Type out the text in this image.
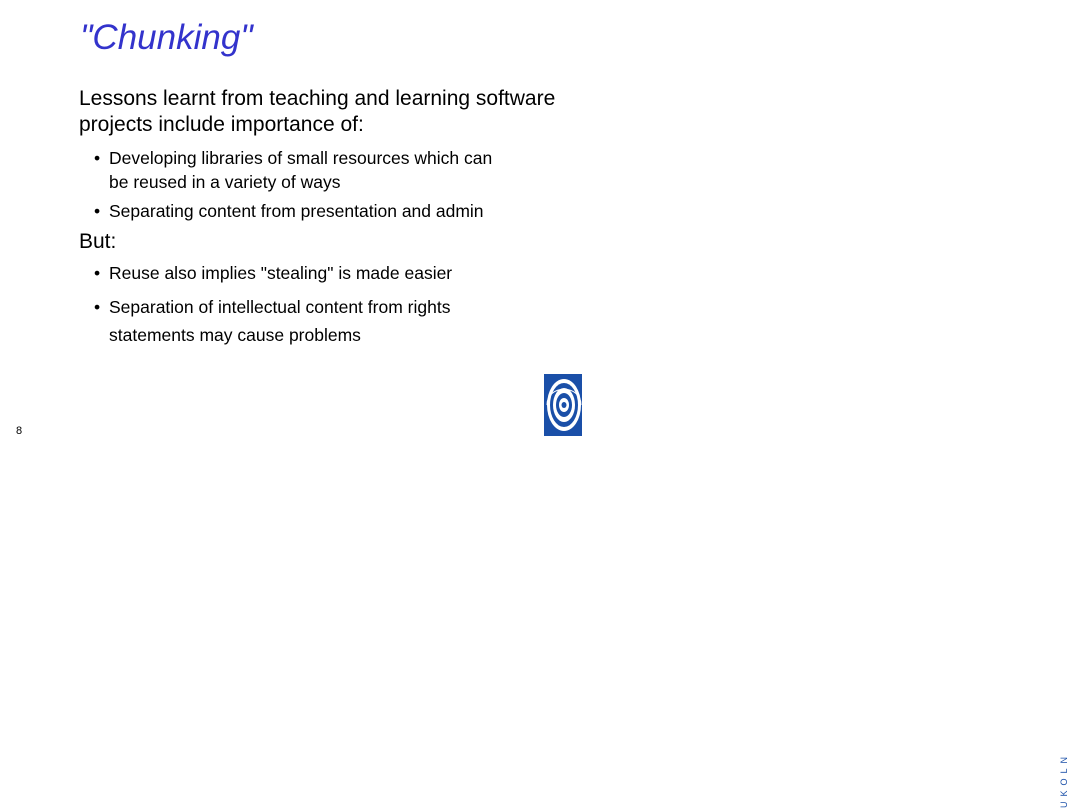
"Chunking"
Lessons learnt from teaching and learning software projects include importance of:
• Developing libraries of small resources which can
be reused in a variety of ways
• Separating content from presentation and admin
But:
• Reuse also implies "stealing" is made easier
• Separation of intellectual content from rights
statements may cause problems
8
UKOLN
